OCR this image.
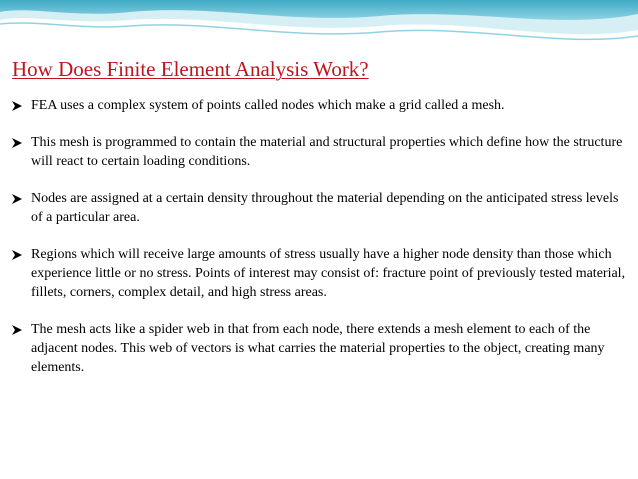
How Does Finite Element Analysis Work?
FEA uses a complex system of points called nodes which make a grid called a mesh.
This mesh is programmed to contain the material and structural properties which define how the structure will react to certain loading conditions.
Nodes are assigned at a certain density throughout the material depending on the anticipated stress levels of a particular area.
Regions which will receive large amounts of stress usually have a higher node density than those which experience little or no stress. Points of interest may consist of: fracture point of previously tested material, fillets, corners, complex detail, and high stress areas.
The mesh acts like a spider web in that from each node, there extends a mesh element to each of the adjacent nodes. This web of vectors is what carries the material properties to the object, creating many elements.
